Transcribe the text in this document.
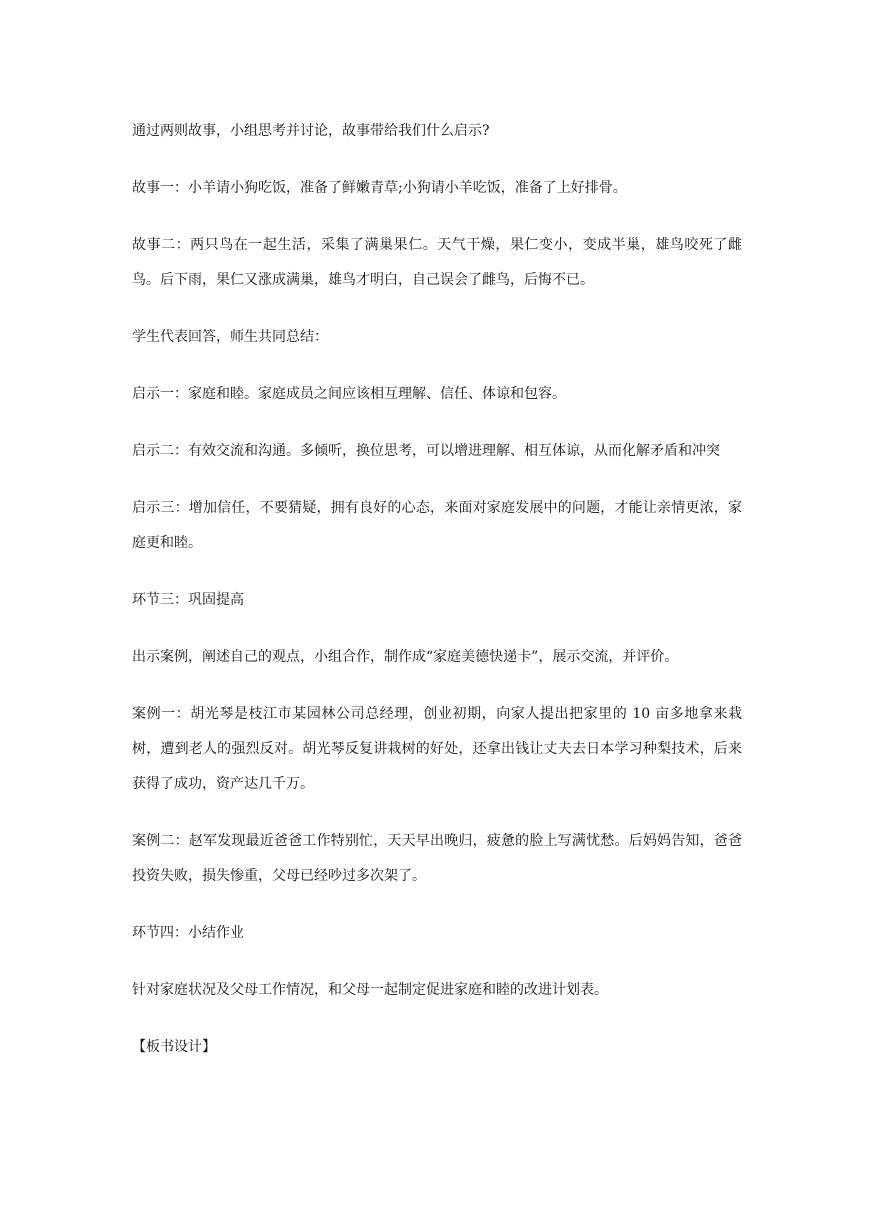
通过两则故事，小组思考并讨论，故事带给我们什么启示?

故事一：小羊请小狗吃饭，准备了鲜嫩青草;小狗请小羊吃饭，准备了上好排骨。

故事二：两只鸟在一起生活，采集了满巢果仁。天气干燥，果仁变小，变成半巢，雄鸟咬死了雌鸟。后下雨，果仁又涨成满巢，雄鸟才明白，自己误会了雌鸟，后悔不已。

学生代表回答，师生共同总结：

启示一：家庭和睦。家庭成员之间应该相互理解、信任、体谅和包容。

启示二：有效交流和沟通。多倾听，换位思考，可以增进理解、相互体谅，从而化解矛盾和冲突

启示三：增加信任，不要猜疑，拥有良好的心态，来面对家庭发展中的问题，才能让亲情更浓，家庭更和睦。

环节三：巩固提高

出示案例，阐述自己的观点，小组合作，制作成“家庭美德快递卡”，展示交流，并评价。

案例一：胡光琴是枝江市某园林公司总经理，创业初期，向家人提出把家里的 10 亩多地拿来栽树，遭到老人的强烈反对。胡光琴反复讲栽树的好处，还拿出钱让丈夫去日本学习种梨技术，后来获得了成功，资产达几千万。

案例二：赵军发现最近爸爸工作特别忙，天天早出晚归，疲惫的脸上写满忧愁。后妈妈告知，爸爸投资失败，损失惨重，父母已经吵过多次架了。

环节四：小结作业

针对家庭状况及父母工作情况，和父母一起制定促进家庭和睦的改进计划表。

【板书设计】
